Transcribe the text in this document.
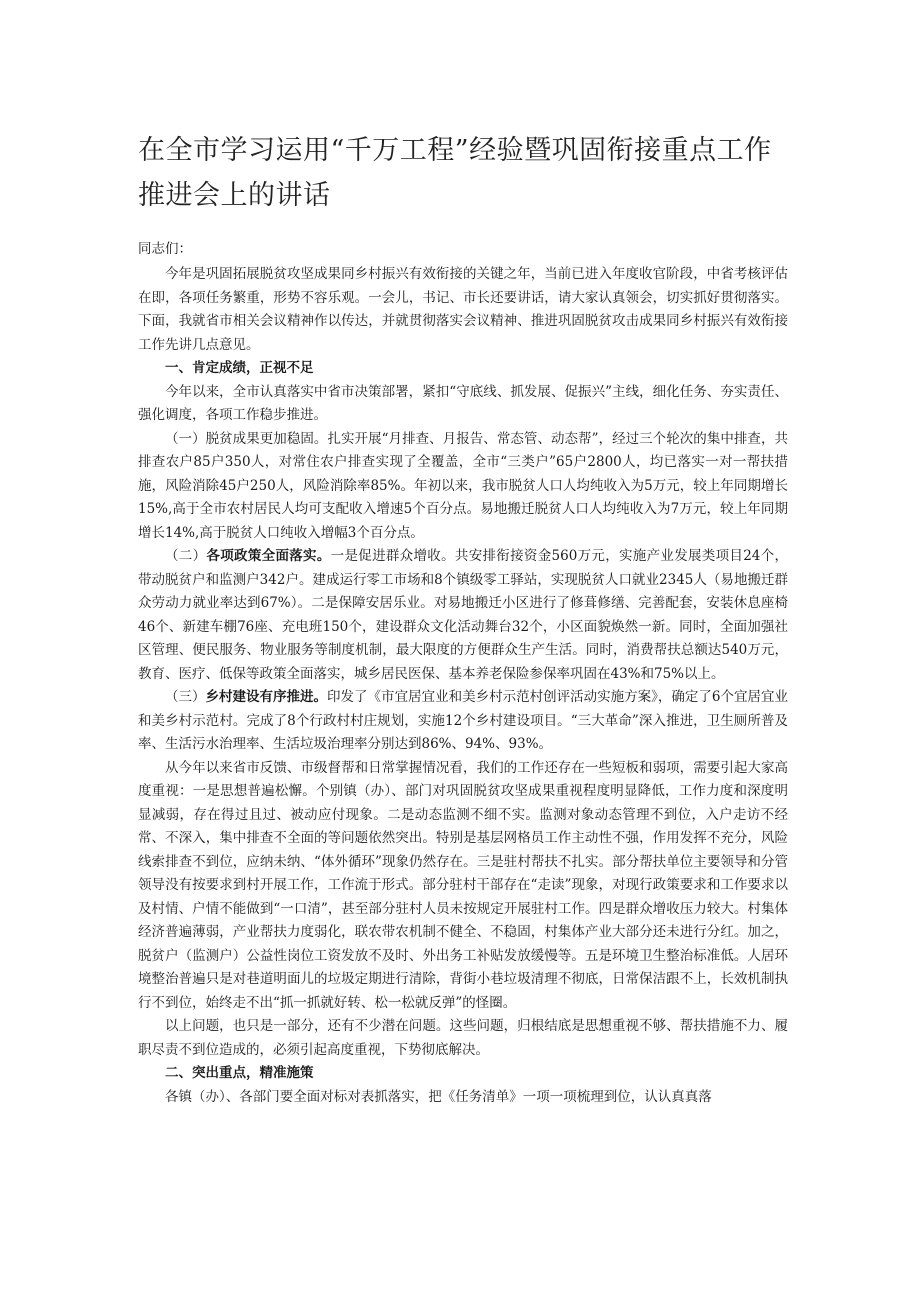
在全市学习运用“千万工程”经验暨巩固衔接重点工作推进会上的讲话
同志们：

今年是巩固拓展脱贫攻坚成果同乡村振兴有效衔接的关键之年，当前已进入年度收官阶段，中省考核评估在即，各项任务繁重，形势不容乐观。一会儿，书记、市长还要讲话，请大家认真领会，切实抓好贯彻落实。下面，我就省市相关会议精神作以传达，并就贯彻落实会议精神、推进巩固脱贫攻击成果同乡村振兴有效衔接工作先讲几点意见。

一、肯定成绩，正视不足

今年以来，全市认真落实中省市决策部署，紧扣“守底线、抓发展、促振兴”主线，细化任务、夯实责任、强化调度，各项工作稳步推进。

（一）脱贫成果更加稳固。扎实开展“月排查、月报告、常态管、动态帮”，经过三个轮次的集中排查，共排查农户85户350人，对常住农户排查实现了全覆盖，全市“三类户”65户2800人，均已落实一对一帮扶措施，风险消除45户250人，风险消除率85%。年初以来，我市脱贫人口人均纯收入为5万元，较上年同期增长15%,高于全市农村居民人均可支配收入增速5个百分点。易地搬迁脱贫人口人均纯收入为7万元，较上年同期增长14%,高于脱贫人口纯收入增幅3个百分点。

（二）各项政策全面落实。一是促进群众增收。共安排衔接资金560万元，实施产业发展类项目24个，带动脱贫户和监测户342户。建成运行零工市场和8个镇级零工驿站，实现脱贫人口就业2345人（易地搬迁群众劳动力就业率达到67%）。二是保障安居乐业。对易地搬迁小区进行了修葺修缮、完善配套，安装休息座椅46个、新建车棚76座、充电班150个，建设群众文化活动舞台32个，小区面貌焕然一新。同时，全面加强社区管理、便民服务、物业服务等制度机制，最大限度的方便群众生产生活。同时，消费帮扶总额达540万元，教育、医疗、低保等政策全面落实，城乡居民医保、基本养老保险参保率巩固在43%和75%以上。

（三）乡村建设有序推进。印发了《市宜居宜业和美乡村示范村创评活动实施方案》，确定了6个宜居宜业和美乡村示范村。完成了8个行政村村庄规划，实施12个乡村建设项目。“三大革命”深入推进，卫生厕所普及率、生活污水治理率、生活垃圾治理率分别达到86%、94%、93%。

从今年以来省市反馈、市级督帮和日常掌握情况看，我们的工作还存在一些短板和弱项，需要引起大家高度重视：一是思想普遍松懈。个别镇（办）、部门对巩固脱贫攻坚成果重视程度明显降低，工作力度和深度明显减弱，存在得过且过、被动应付现象。二是动态监测不细不实。监测对象动态管理不到位，入户走访不经常、不深入，集中排查不全面的等问题依然突出。特别是基层网格员工作主动性不强，作用发挥不充分，风险线索排查不到位，应纳未纳、“体外循环”现象仍然存在。三是驻村帮扶不扎实。部分帮扶单位主要领导和分管领导没有按要求到村开展工作，工作流于形式。部分驻村干部存在“走读”现象，对现行政策要求和工作要求以及村情、户情不能做到“一口清”，甚至部分驻村人员未按规定开展驻村工作。四是群众增收压力较大。村集体经济普遍薄弱，产业帮扶力度弱化，联农带农机制不健全、不稳固，村集体产业大部分还未进行分红。加之，脱贫户（监测户）公益性岗位工资发放不及时、外出务工补贴发放缓慢等。五是环境卫生整治标准低。人居环境整治普遍只是对巷道明面儿的垃圾定期进行清除，背街小巷垃圾清理不彻底，日常保洁跟不上，长效机制执行不到位，始终走不出“抓一抓就好转、松一松就反弹”的怪圈。

以上问题，也只是一部分，还有不少潜在问题。这些问题，归根结底是思想重视不够、帮扶措施不力、履职尽责不到位造成的，必须引起高度重视，下势彻底解决。

二、突出重点，精准施策

各镇（办）、各部门要全面对标对表抓落实，把《任务清单》一项一项梳理到位，认认真真落
